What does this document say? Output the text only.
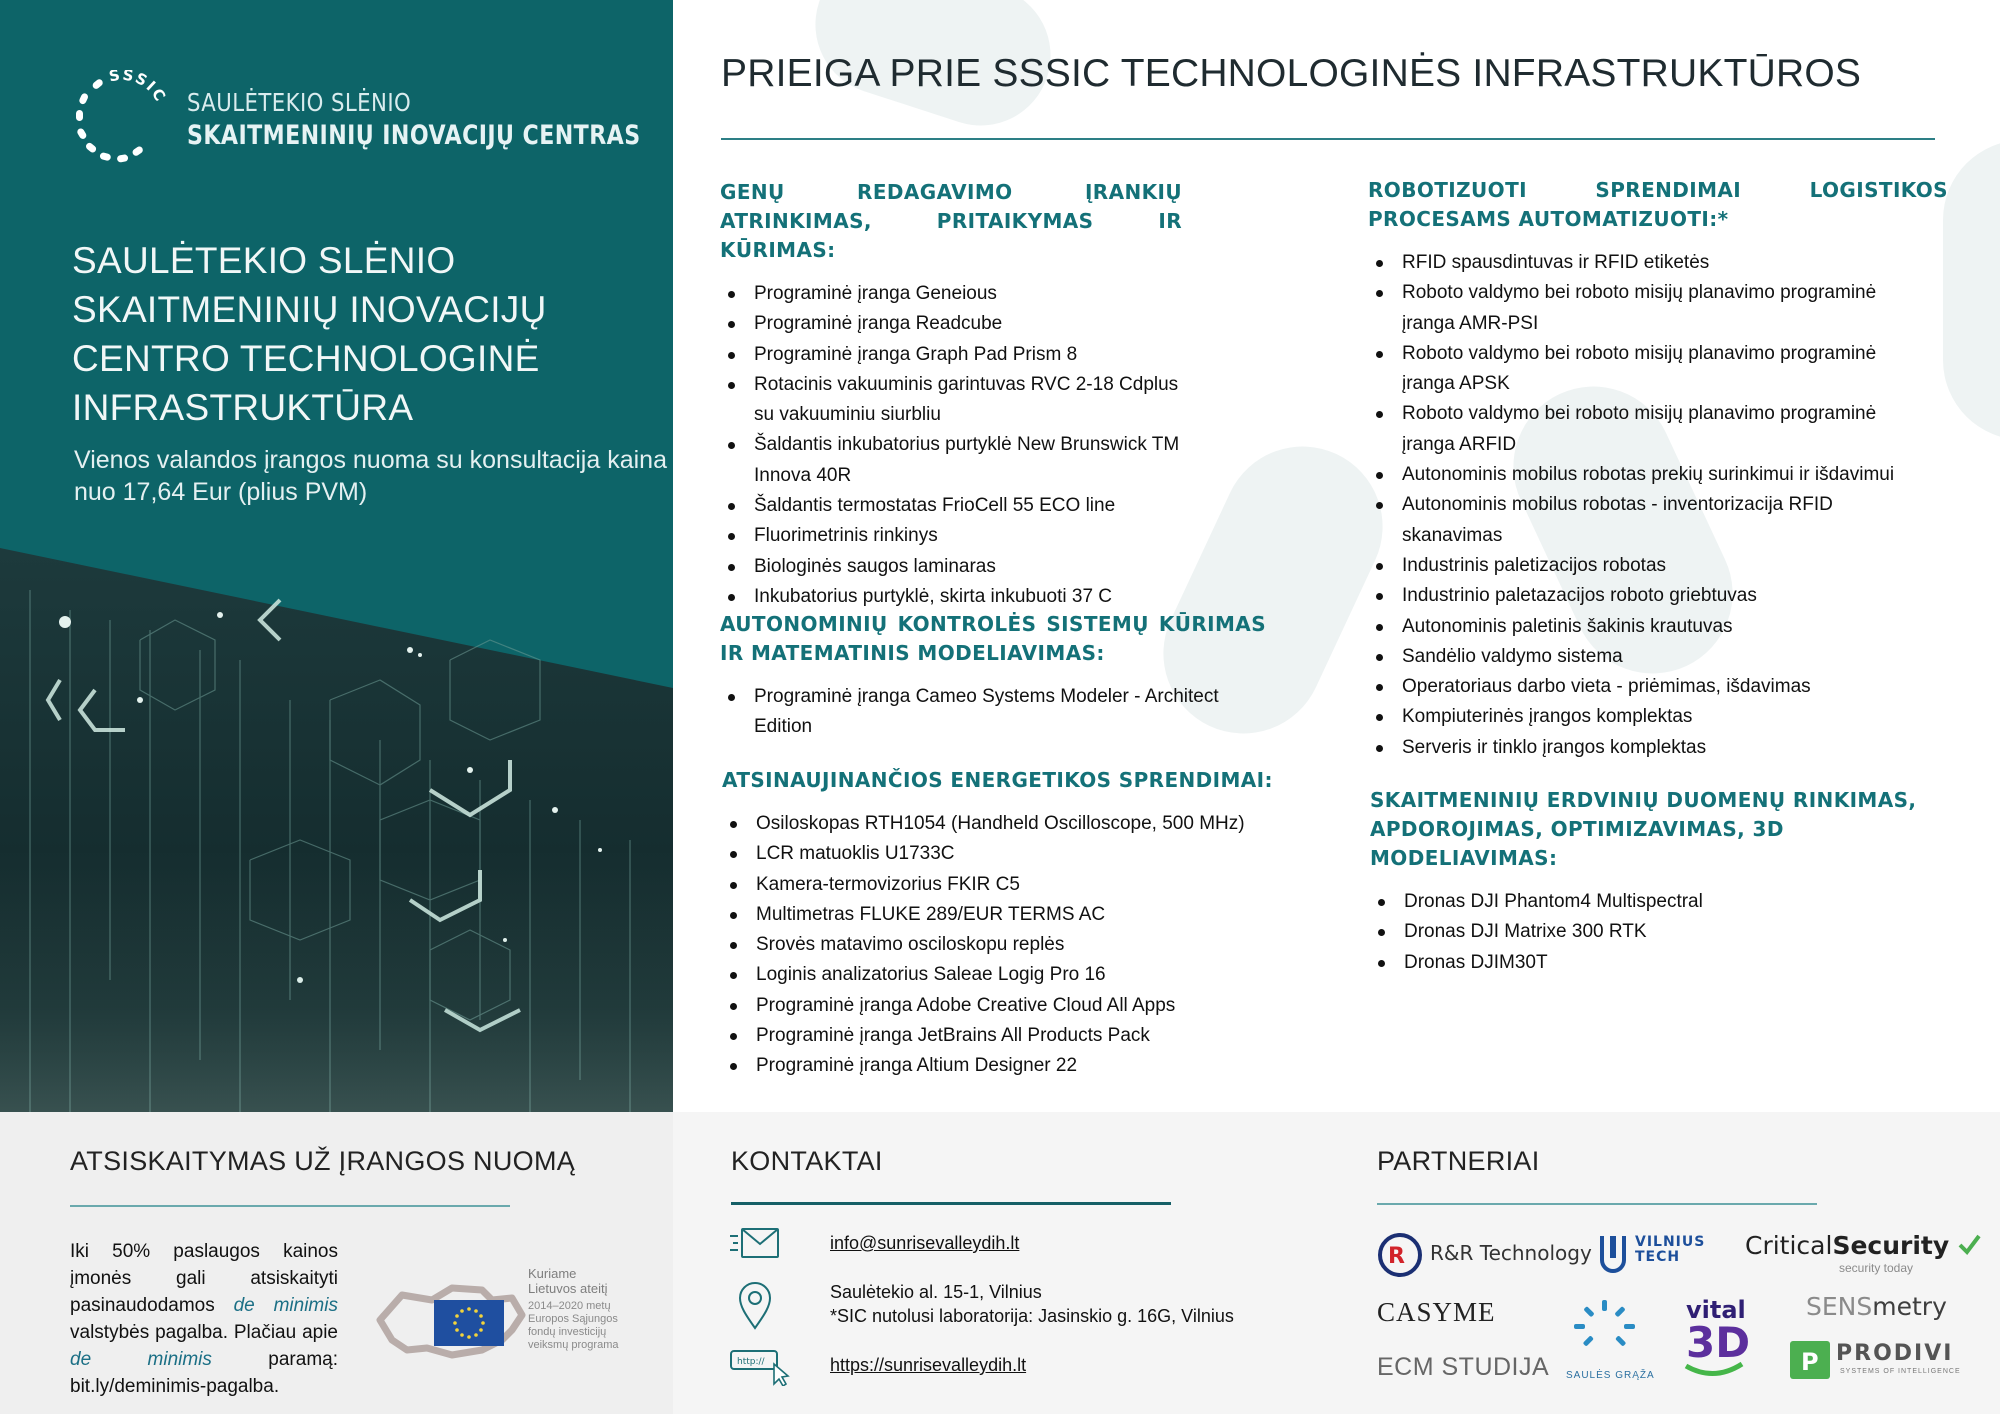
SSSIC SAULĖTEKIO SLĖNIO
SKAITMENINIŲ INOVACIJŲ CENTRAS
SAULĖTEKIO SLĖNIO SKAITMENINIŲ INOVACIJŲ CENTRO TECHNOLOGINĖ INFRASTRUKTŪRA
Vienos valandos įrangos nuoma su konsultacija kaina nuo 17,64 Eur (plius PVM)
PRIEIGA PRIE SSSIC TECHNOLOGINĖS INFRASTRUKTŪROS
GENŲ REDAGAVIMO ĮRANKIŲ ATRINKIMAS, PRITAIKYMAS IR KŪRIMAS:
Programinė įranga Geneious
Programinė įranga Readcube
Programinė įranga Graph Pad Prism 8
Rotacinis vakuuminis garintuvas RVC 2-18 Cdplus su vakuuminiu siurbliu
Šaldantis inkubatorius purtyklė New Brunswick TM Innova 40R
Šaldantis termostatas FrioCell 55 ECO line
Fluorimetrinis rinkinys
Biologinės saugos laminaras
Inkubatorius purtyklė, skirta inkubuoti 37 C
AUTONOMINIŲ KONTROLĖS SISTEMŲ KŪRIMAS IR MATEMATINIS MODELIAVIMAS:
Programinė įranga Cameo Systems Modeler - Architect Edition
ATSINAUJINANČIOS ENERGETIKOS SPRENDIMAI:
Osiloskopas RTH1054 (Handheld Oscilloscope, 500 MHz)
LCR matuoklis U1733C
Kamera-termovizorius FKIR C5
Multimetras FLUKE 289/EUR TERMS AC
Srovės matavimo osciloskopu replės
Loginis analizatorius Saleae Logig Pro 16
Programinė įranga Adobe Creative Cloud All Apps
Programinė įranga JetBrains All Products Pack
Programinė įranga Altium Designer 22
ROBOTIZUOTI SPRENDIMAI LOGISTIKOS PROCESAMS AUTOMATIZUOTI:*
RFID spausdintuvas ir RFID etiketės
Roboto valdymo bei roboto misijų planavimo programinė įranga AMR-PSI
Roboto valdymo bei roboto misijų planavimo programinė įranga APSK
Roboto valdymo bei roboto misijų planavimo programinė įranga ARFID
Autonominis mobilus robotas prekių surinkimui ir išdavimui
Autonominis mobilus robotas - inventorizacija RFID skanavimas
Industrinis paletizacijos robotas
Industrinio paletazacijos roboto griebtuvas
Autonominis paletinis šakinis krautuvas
Sandėlio valdymo sistema
Operatoriaus darbo vieta - priėmimas, išdavimas
Kompiuterinės įrangos komplektas
Serveris ir tinklo įrangos komplektas
SKAITMENINIŲ ERDVINIŲ DUOMENŲ RINKIMAS, APDOROJIMAS, OPTIMIZAVIMAS, 3D MODELIAVIMAS:
Dronas DJI Phantom4 Multispectral
Dronas DJI Matrixe 300 RTK
Dronas DJIM30T
ATSISKAITYMAS UŽ ĮRANGOS NUOMĄ
Iki 50% paslaugos kainos įmonės gali atsiskaityti pasinaudodamos de minimis valstybės pagalba. Plačiau apie de minimis paramą: bit.ly/deminimis-pagalba.
Kuriame
Lietuvos ateitį
2014–2020 metų Europos Sąjungos fondų investicijų veiksmų programa
KONTAKTAI
info@sunrisevalleydih.lt
Saulėtekio al. 15-1, Vilnius
*SIC nutolusi laboratorija: Jasinskio g. 16G, Vilnius
http://	https://sunrisevalleydih.lt
PARTNERIAI
R R&R Technology	VILNIUS
TECH	CriticalSecurity
security today
CASYME
SAULĖS GRĄŽA
vital
3D
SENSmetry
ECM STUDIJA	P PRODIVI
SYSTEMS OF INTELLIGENCE
